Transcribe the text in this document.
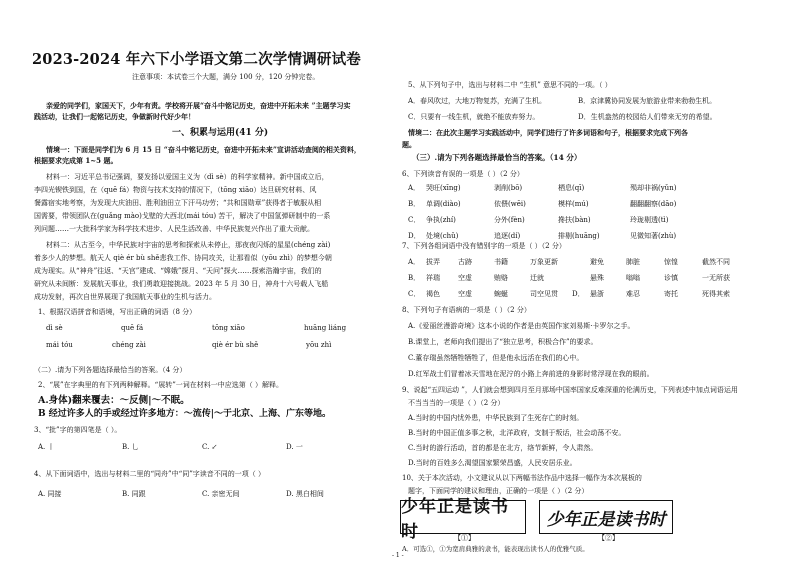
2023-2024 年六下小学语文第二次学情调研试卷
注意事项：本试卷三个大题，满分 100 分，120 分钟完卷。
亲爱的同学们，家国天下，少年有责。学校将开展“奋斗中铭记历史，奋进中开拓未来 ”主题学习实
践活动，让我们一起铭记历史，争做新时代好少年！
一、积累与运用(41 分)
情境一：下面是同学们为 6 月 15 日 “奋斗中铭记历史，奋进中开拓未来”宣讲活动查阅的相关资料，
根据要求完成第 1~5 题。
材料一：习近平总书记强调，要发扬以爱国主义为（dì sè）的科学家精神。新中国成立后，
李四光锲铁到国，在（quē fá）物资与技术支持的情况下，（tōng xiāo）达旦研究材料、风
餐露宿实地考察，为发现大庆油田、胜利油田立下汗马功劳；“共和国勋章”获得者于敏服从相
国需要，带领团队在(guǎng mào)戈壁的大西北(mái tóu) 苦干，解决了中国氢弹研制中的一系
列问题……一大批科学家为科学技术进步、人民生活改善、中华民族复兴作出了重大贡献。
材料二：从古至今，中华民族对宇宙的思考和探索从未停止，那夜夜闪烁的星星(chéng zài)
着多少人的梦想。航天人 qiè ér bù shě悲我工作、协同攻关，让那看似（yōu zhì）的梦想今朝
成为现实。从“神舟”往返、“天宫”建成、“嫦娥”探月、“天问”探火……探索浩瀚宇宙，我们的
研究从未间断：发展航天事业，我们勇敢迎接挑战。2023 年 5 月 30 日，神舟十六号载人飞船
成功发射，再次自世界展现了我国航天事业的生机与活力。
1、根据汉语拼音和语境，写出正确的词语（8 分）
dì sè	quē fá	tōng xiāo	huāng liáng
mái tóu	chéng zài	qiè ér bù shě	yōu zhì
（二）.请为下列各题选择最恰当的答案。（4 分）
2、“展”在字典里的有下列两种解释。“展转”一词在材料一中应选第（ ）解释。
A.身体)翻来覆去：～反侧|～不眠。
B 经过许多人的手或经过许多地方：～流传|～于北京、上海、广东等地。
3、“批”字的第四笔是（ ）。
A. 丨	B. 乚	C. ↙	D. 一
4、从下面词语中，选出与材料二里的“同舟”中“同”字读音不同的一项（ ）
A. 同接	B. 同跟	C. 亲密无间	D. 黑白相间
5、从下列句子中，选出与材料二中 “生机” 意思不同的一项。（ ）
A．春风吹过，大地万物复苏，充满了生机。	B．京津冀协同发展为旅游业带来勃勃生机。
C．只要有一线生机，就绝不能放弃努力。	D．生机盎然的校园给人们带来无穷的希望。
情境二：在此次主题学习实践活动中，同学们进行了许多词语和句子，根据要求完成下列各
题。
（三）.请为下列各题选择最恰当的答案。（14 分）
6、下列读音有误的一项是（ ）（2 分）
A． 哭旺(xīng)	剥削(bō)	栖息(qī)	殒却非祸(yǔn)
B． 单调(diào)	依偎(wēi)	模样(mú)	翻翻翻察(dāo)
C． 争执(zhí)	分外(fèn)	搀扶(bàn)	玲珑剔透(tì)
D． 处境(chǔ)	追逐(dí)	排剔(huāng)	见微知著(zhù)
7、下列各组词语中没有错别字的一项是（ ）（2 分）
A． 拔弄	古跡	书籍	万象更新	避免	肺脏	惊惶	截然不同
B． 祥瑞	空虚	贿赂	迁就	悬殊	嗡嗡	诊慎	一无所获
C． 褐色	空虚	蜿蜒	司空见贯 D． 悬浙	难忍	寄托	死得其索
8、下列句子有语病的一项是（ ）（2 分）
A.《爱丽丝漫游奇境》这本小说的作者是由英国作家刘易斯·卡罗尔之手。
B.课堂上，老师向我们提出了“独立思考，积极合作”的要求。
C.董存瑞虽然牺牲牺牲了，但是他永远活在我们的心中。
D.红军战士们冒着冰天雪地在泥泞的小路上奔前进的身影时常浮现在我的眼前。
9、说起“五四运动 ”，人们就会想到四月至月那场中国率国家反难深重的伦满历史，下列表述中加点词语运用
不当当当的一项是（ ）（2 分）
A.当时的中国内忧外患，中华民族到了生死存亡的时刻。
B.当时的中国正值多事之秋，北洋政府，支制于叛话，社会动荡不安。
C.当时的游行活动，首的都是在北方，络节新鲜，令人肃然。
D.当时的百姓多么渴望国家繁荣昌盛，人民安居乐业。
10、关于本次活动，小文建议从以下两幅书法作品中选择一幅作为本次展板的
题字，下面同学的建议和理由，正确的一项是（ ）（2 分）
少年正是读书时
少年正是读书时
【①】	【②】
A．可选①，①为宽肩典雅的隶书，能表现出读书人的优雅气质。
- 1 -
